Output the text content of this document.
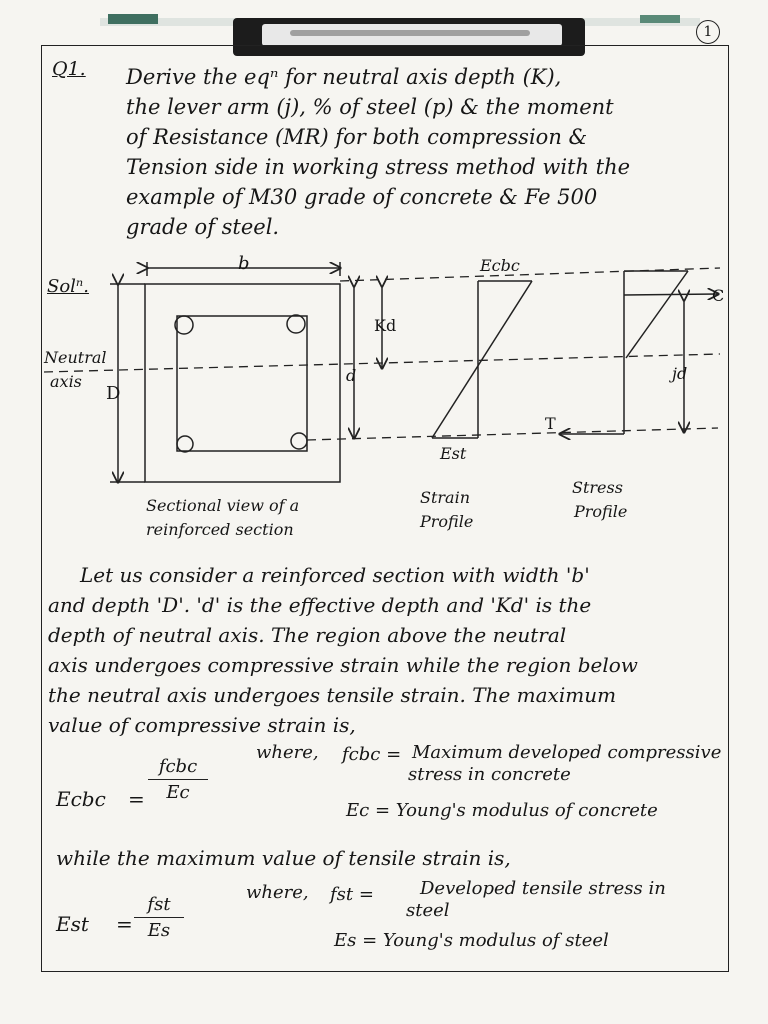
1
Q1. Derive the eqⁿ for neutral axis depth (K),
the lever arm (j), % of steel (p) & the moment
of Resistance (MR) for both compression &
Tension side in working stress method with the
example of M30 grade of concrete & Fe 500
grade of steel.
Solⁿ.
b
D
Neutral
axis
Kd
d
Ecbc
Est
C
T
jd
Sectional view of a
reinforced section
Strain
Profile
Stress
Profile
Let us consider a reinforced section with width 'b'
and depth 'D'. 'd' is the effective depth and 'Kd' is the
depth of neutral axis. The region above the neutral
axis undergoes compressive strain while the region below
the neutral axis undergoes tensile strain. The maximum
value of compressive strain is,
Ecbc =
fcbc
Ec
where, fcbc = Maximum developed compressive
stress in concrete
Ec = Young's modulus of concrete
while the maximum value of tensile strain is,
Est =
fst
Es
where, fst =	Developed tensile stress in
steel
Es = Young's modulus of steel
